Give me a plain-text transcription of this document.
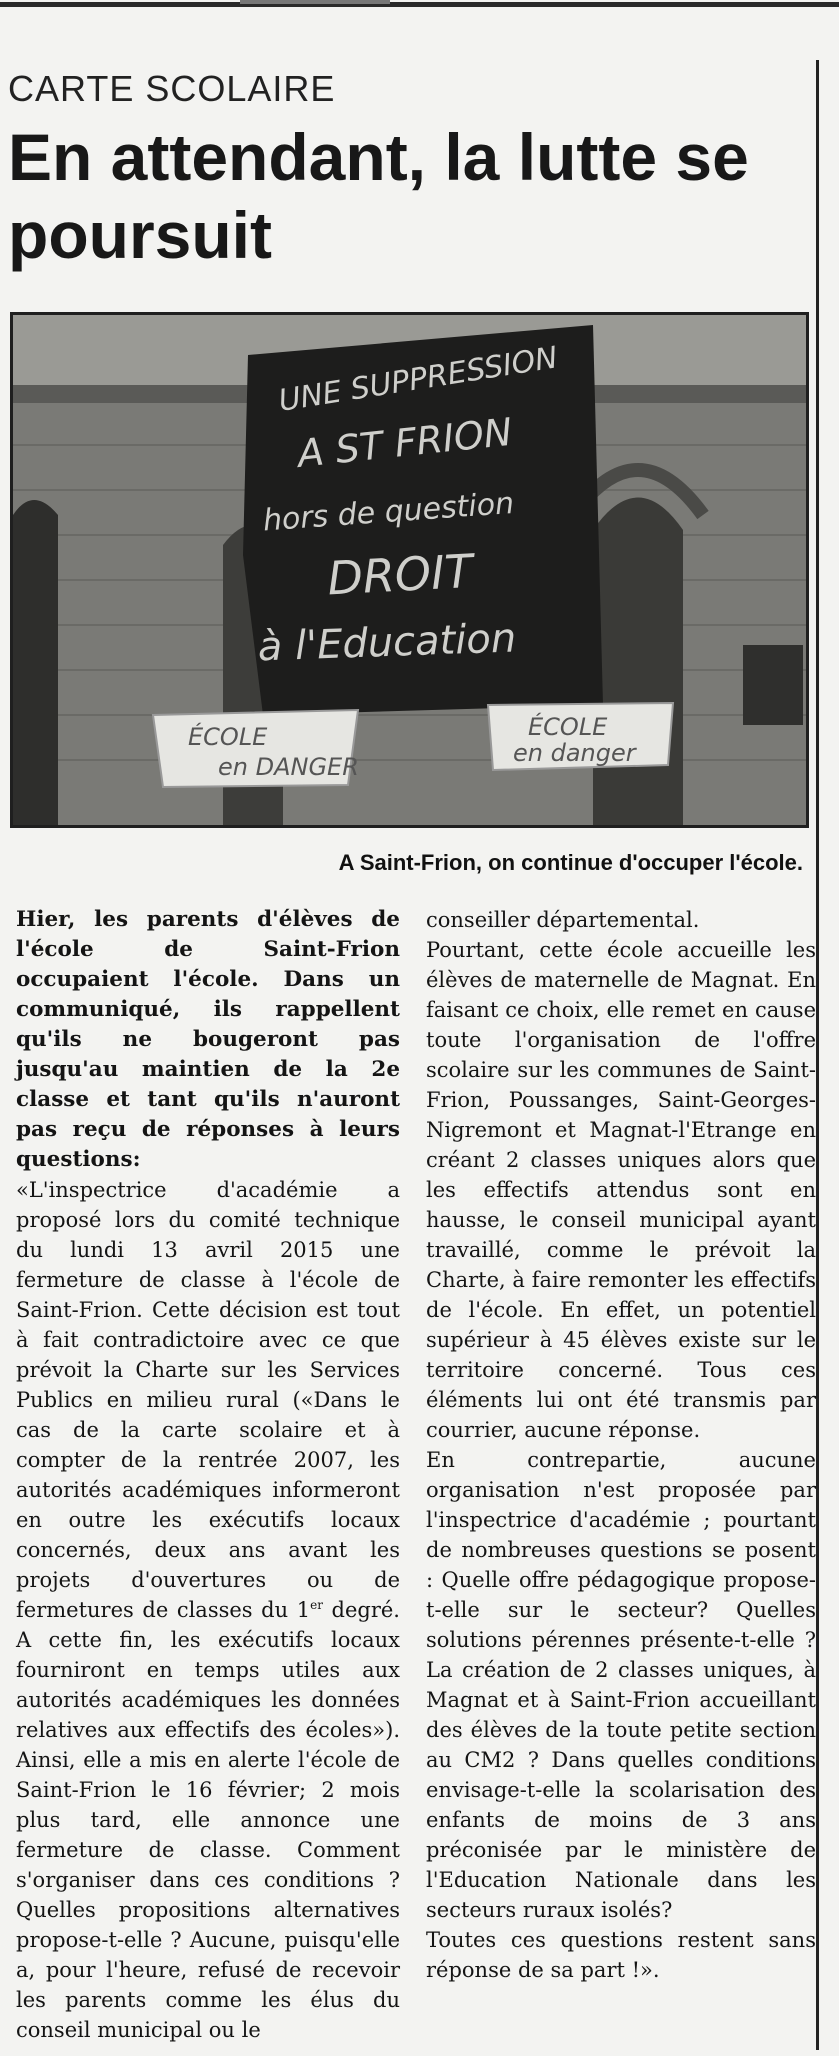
CARTE SCOLAIRE
En attendant, la lutte se poursuit
UNE SUPPRESSION
A ST FRION
hors de question
DROIT
à l'Education
ÉCOLE
en DANGER
ÉCOLE
en danger
A Saint-Frion, on continue d'occuper l'école.

Hier, les parents d'élèves de l'école de Saint-Frion occupaient l'école. Dans un communiqué, ils rappellent qu'ils ne bougeront pas jusqu'au maintien de la 2e classe et tant qu'ils n'auront pas reçu de réponses à leurs questions:

«L'inspectrice d'académie a proposé lors du comité technique du lundi 13 avril 2015 une fermeture de classe à l'école de Saint-Frion. Cette décision est tout à fait contradictoire avec ce que prévoit la Charte sur les Services Publics en milieu rural («Dans le cas de la carte scolaire et à compter de la rentrée 2007, les autorités académiques informeront en outre les exécutifs locaux concernés, deux ans avant les projets d'ouvertures ou de fermetures de classes du 1er degré. A cette fin, les exécutifs locaux fourniront en temps utiles aux autorités académiques les données relatives aux effectifs des écoles»). Ainsi, elle a mis en alerte l'école de Saint-Frion le 16 février; 2 mois plus tard, elle annonce une fermeture de classe. Comment s'organiser dans ces conditions ? Quelles propositions alternatives propose-t-elle ? Aucune, puisqu'elle a, pour l'heure, refusé de recevoir les parents comme les élus du conseil municipal ou le

conseiller départemental.

Pourtant, cette école accueille les élèves de maternelle de Magnat. En faisant ce choix, elle remet en cause toute l'organisation de l'offre scolaire sur les communes de Saint-Frion, Poussanges, Saint-Georges-Nigremont et Magnat-l'Etrange en créant 2 classes uniques alors que les effectifs attendus sont en hausse, le conseil municipal ayant travaillé, comme le prévoit la Charte, à faire remonter les effectifs de l'école. En effet, un potentiel supérieur à 45 élèves existe sur le territoire concerné. Tous ces éléments lui ont été transmis par courrier, aucune réponse.

En contrepartie, aucune organisation n'est proposée par l'inspectrice d'académie ; pourtant de nombreuses questions se posent : Quelle offre pédagogique propose-t-elle sur le secteur? Quelles solutions pérennes présente-t-elle ? La création de 2 classes uniques, à Magnat et à Saint-Frion accueillant des élèves de la toute petite section au CM2 ? Dans quelles conditions envisage-t-elle la scolarisation des enfants de moins de 3 ans préconisée par le ministère de l'Education Nationale dans les secteurs ruraux isolés?

Toutes ces questions restent sans réponse de sa part !».
